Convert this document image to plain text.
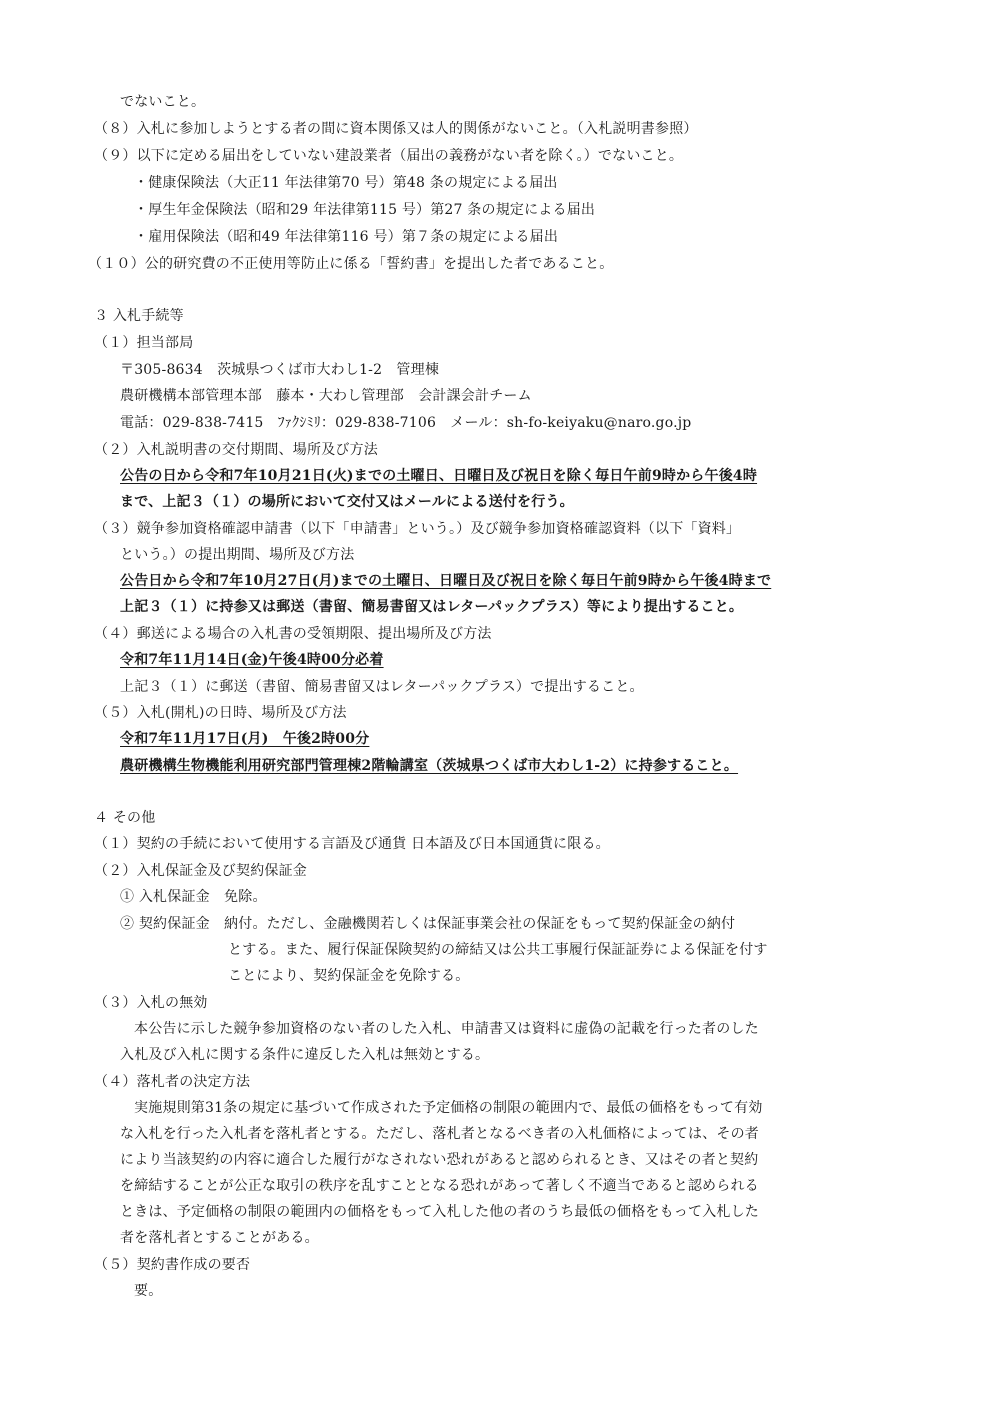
でないこと。
（８）入札に参加しようとする者の間に資本関係又は人的関係がないこと。（入札説明書参照）
（９）以下に定める届出をしていない建設業者（届出の義務がない者を除く。）でないこと。
・健康保険法（大正11 年法律第70 号）第48 条の規定による届出
・厚生年金保険法（昭和29 年法律第115 号）第27 条の規定による届出
・雇用保険法（昭和49 年法律第116 号）第７条の規定による届出
（１０）公的研究費の不正使用等防止に係る「誓約書」を提出した者であること。
３ 入札手続等
（１）担当部局
〒305-8634　茨城県つくば市大わし1-2　管理棟
農研機構本部管理本部　藤本・大わし管理部　会計課会計チーム
電話：029-838-7415　ﾌｧｸｼﾐﾘ：029-838-7106　メール：sh-fo-keiyaku@naro.go.jp
（２）入札説明書の交付期間、場所及び方法
公告の日から令和7年10月21日(火)までの土曜日、日曜日及び祝日を除く毎日午前9時から午後4時
まで、上記３（１）の場所において交付又はメールによる送付を行う。
（３）競争参加資格確認申請書（以下「申請書」という。）及び競争参加資格確認資料（以下「資料」
という。）の提出期間、場所及び方法
公告日から令和7年10月27日(月)までの土曜日、日曜日及び祝日を除く毎日午前9時から午後4時まで
上記３（１）に持参又は郵送（書留、簡易書留又はレターパックプラス）等により提出すること。
（４）郵送による場合の入札書の受領期限、提出場所及び方法
令和7年11月14日(金)午後4時00分必着
上記３（１）に郵送（書留、簡易書留又はレターパックプラス）で提出すること。
（５）入札(開札)の日時、場所及び方法
令和7年11月17日(月)　午後2時00分
農研機構生物機能利用研究部門管理棟2階輪講室（茨城県つくば市大わし1-2）に持参すること。
４ その他
（１）契約の手続において使用する言語及び通貨 日本語及び日本国通貨に限る。
（２）入札保証金及び契約保証金
① 入札保証金　免除。
② 契約保証金　納付。ただし、金融機関若しくは保証事業会社の保証をもって契約保証金の納付
とする。また、履行保証保険契約の締結又は公共工事履行保証証券による保証を付す
ことにより、契約保証金を免除する。
（３）入札の無効
本公告に示した競争参加資格のない者のした入札、申請書又は資料に虚偽の記載を行った者のした
入札及び入札に関する条件に違反した入札は無効とする。
（４）落札者の決定方法
実施規則第31条の規定に基づいて作成された予定価格の制限の範囲内で、最低の価格をもって有効
な入札を行った入札者を落札者とする。ただし、落札者となるべき者の入札価格によっては、その者
により当該契約の内容に適合した履行がなされない恐れがあると認められるとき、又はその者と契約
を締結することが公正な取引の秩序を乱すこととなる恐れがあって著しく不適当であると認められる
ときは、予定価格の制限の範囲内の価格をもって入札した他の者のうち最低の価格をもって入札した
者を落札者とすることがある。
（５）契約書作成の要否
要。
